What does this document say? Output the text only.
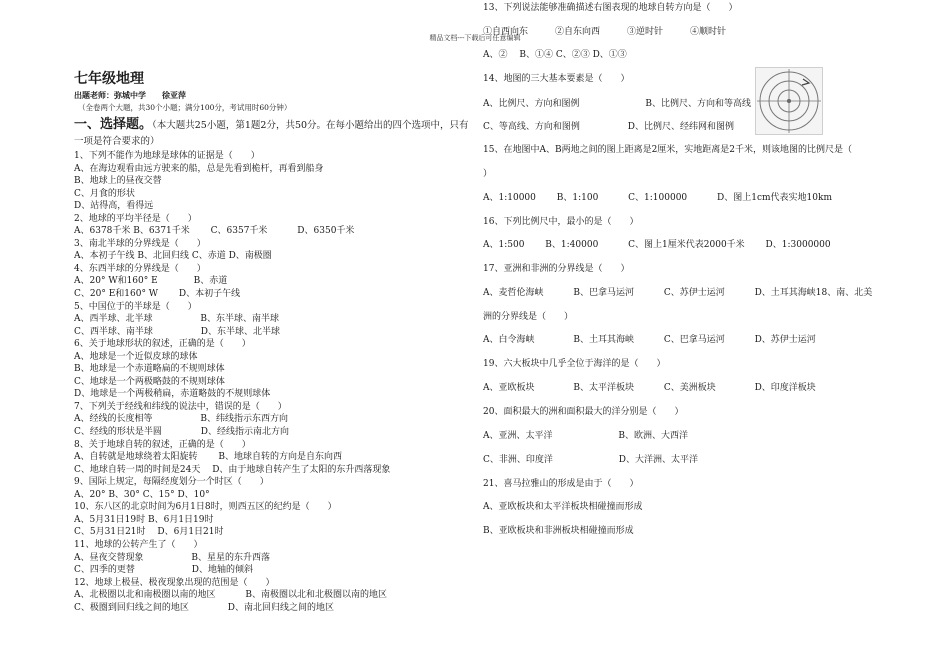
精品文档---下载后可任意编辑
七年级地理
出题老师：弥城中学　　徐亚萍
（全卷两个大题，共30个小题；满分100分，考试用时60分钟）
一、选择题。（本大题共25小题，第1题2分，共50分。在每小题给出的四个选项中，只有一项是符合要求的）
1、下列不能作为地球是球体的证据是（　　）
A、在海边观看由远方驶来的船，总是先看到桅杆，再看到船身
B、地球上的昼夜交替
C、月食的形状
D、站得高，看得远
2、地球的平均半径是（　　）
A、6378千米 B、6371千米　　 C、6357千米　　　 D、6350千米
3、南北半球的分界线是（　　）
A、本初子午线 B、北回归线 C、赤道 D、南极圈
4、东西半球的分界线是（　　）
A、20° W和160° E　　　　B、赤道
C、20° E和160° W　　 D、本初子午线
5、中国位于的半球是（　　）
A、西半球、北半球　　　　　 B、东半球、南半球
C、西半球、南半球　　　　　 D、东半球、北半球
6、关于地球形状的叙述，正确的是（　　）
A、地球是一个近似皮球的球体
B、地球是一个赤道略扁的不规则球体
C、地球是一个两极略鼓的不规则球体
D、地球是一个两极稍扁，赤道略鼓的不规则球体
7、下列关于经线和纬线的说法中，错误的是（　　）
A、经线的长度相等　　　　　 B、纬线指示东西方向
C、经线的形状是半圆　　　　 D、经线指示南北方向
8、关于地球自转的叙述，正确的是（　　）
A、自转就是地球绕着太阳旋转　　 B、地球自转的方向是自东向西
C、地球自转一周的时间是24天　 D、由于地球自转产生了太阳的东升西落现象
9、国际上规定，每隔经度划分一个时区（　　）
A、20° B、30° C、15° D、10°
10、东八区的北京时间为6月1日8时，则西五区的纪约是（　　）
A、5月31日19时 B、6月1日19时
C、5月31日21时　 D、6月1日21时
11、地球的公转产生了（　　）
A、昼夜交替现象　　　　　 B、星星的东升西落
C、四季的更替　　　　　　 D、地轴的倾斜
12、地球上极昼、极夜现象出现的范围是（　　）
A、北极圈以北和南极圈以南的地区　　　 B、南极圈以北和北极圈以南的地区
C、极圈到回归线之间的地区　　　　 D、南北回归线之间的地区
13、下列说法能够准确描述右图表现的地球自转方向是（　　）
①自西向东　　　②自东向西　　　③逆时针　　　④顺时针
A、②　 B、①④ C、②③ D、①③
14、地图的三大基本要素是（　　）
A、比例尺、方向和图例　　　　　　　 B、比例尺、方向和等高线
C、等高线、方向和图例　　　　　 D、比例尺、经纬网和图例
15、在地图中A、B两地之间的图上距离是2厘米，实地距离是2千米，则该地图的比例尺是（
）
A、1:10000　　 B、1:100　　　 C、1:100000　　　 D、图上1cm代表实地10km
16、下列比例尺中，最小的是（　　）
A、1:500　　 B、1:40000　　　 C、图上1厘米代表2000千米　　 D、1:3000000
17、亚洲和非洲的分界线是（　　）
A、麦哲伦海峡　　　 B、巴拿马运河　　　 C、苏伊士运河　　　 D、土耳其海峡18、南、北美
洲的分界线是（　　）
A、白令海峡　　　　 B、土耳其海峡　　　 C、巴拿马运河　　　 D、苏伊士运河
19、六大板块中几乎全位于海洋的是（　　）
A、亚欧板块　　　　 B、太平洋板块　　　 C、美洲板块　　　　 D、印度洋板块
20、面积最大的洲和面积最大的洋分别是（　　）
A、亚洲、太平洋　　　　　　　 B、欧洲、大西洋
C、非洲、印度洋　　　　　　　 D、大洋洲、太平洋
21、喜马拉雅山的形成是由于（　　）
A、亚欧板块和太平洋板块相碰撞而形成
B、亚欧板块和非洲板块相碰撞而形成
